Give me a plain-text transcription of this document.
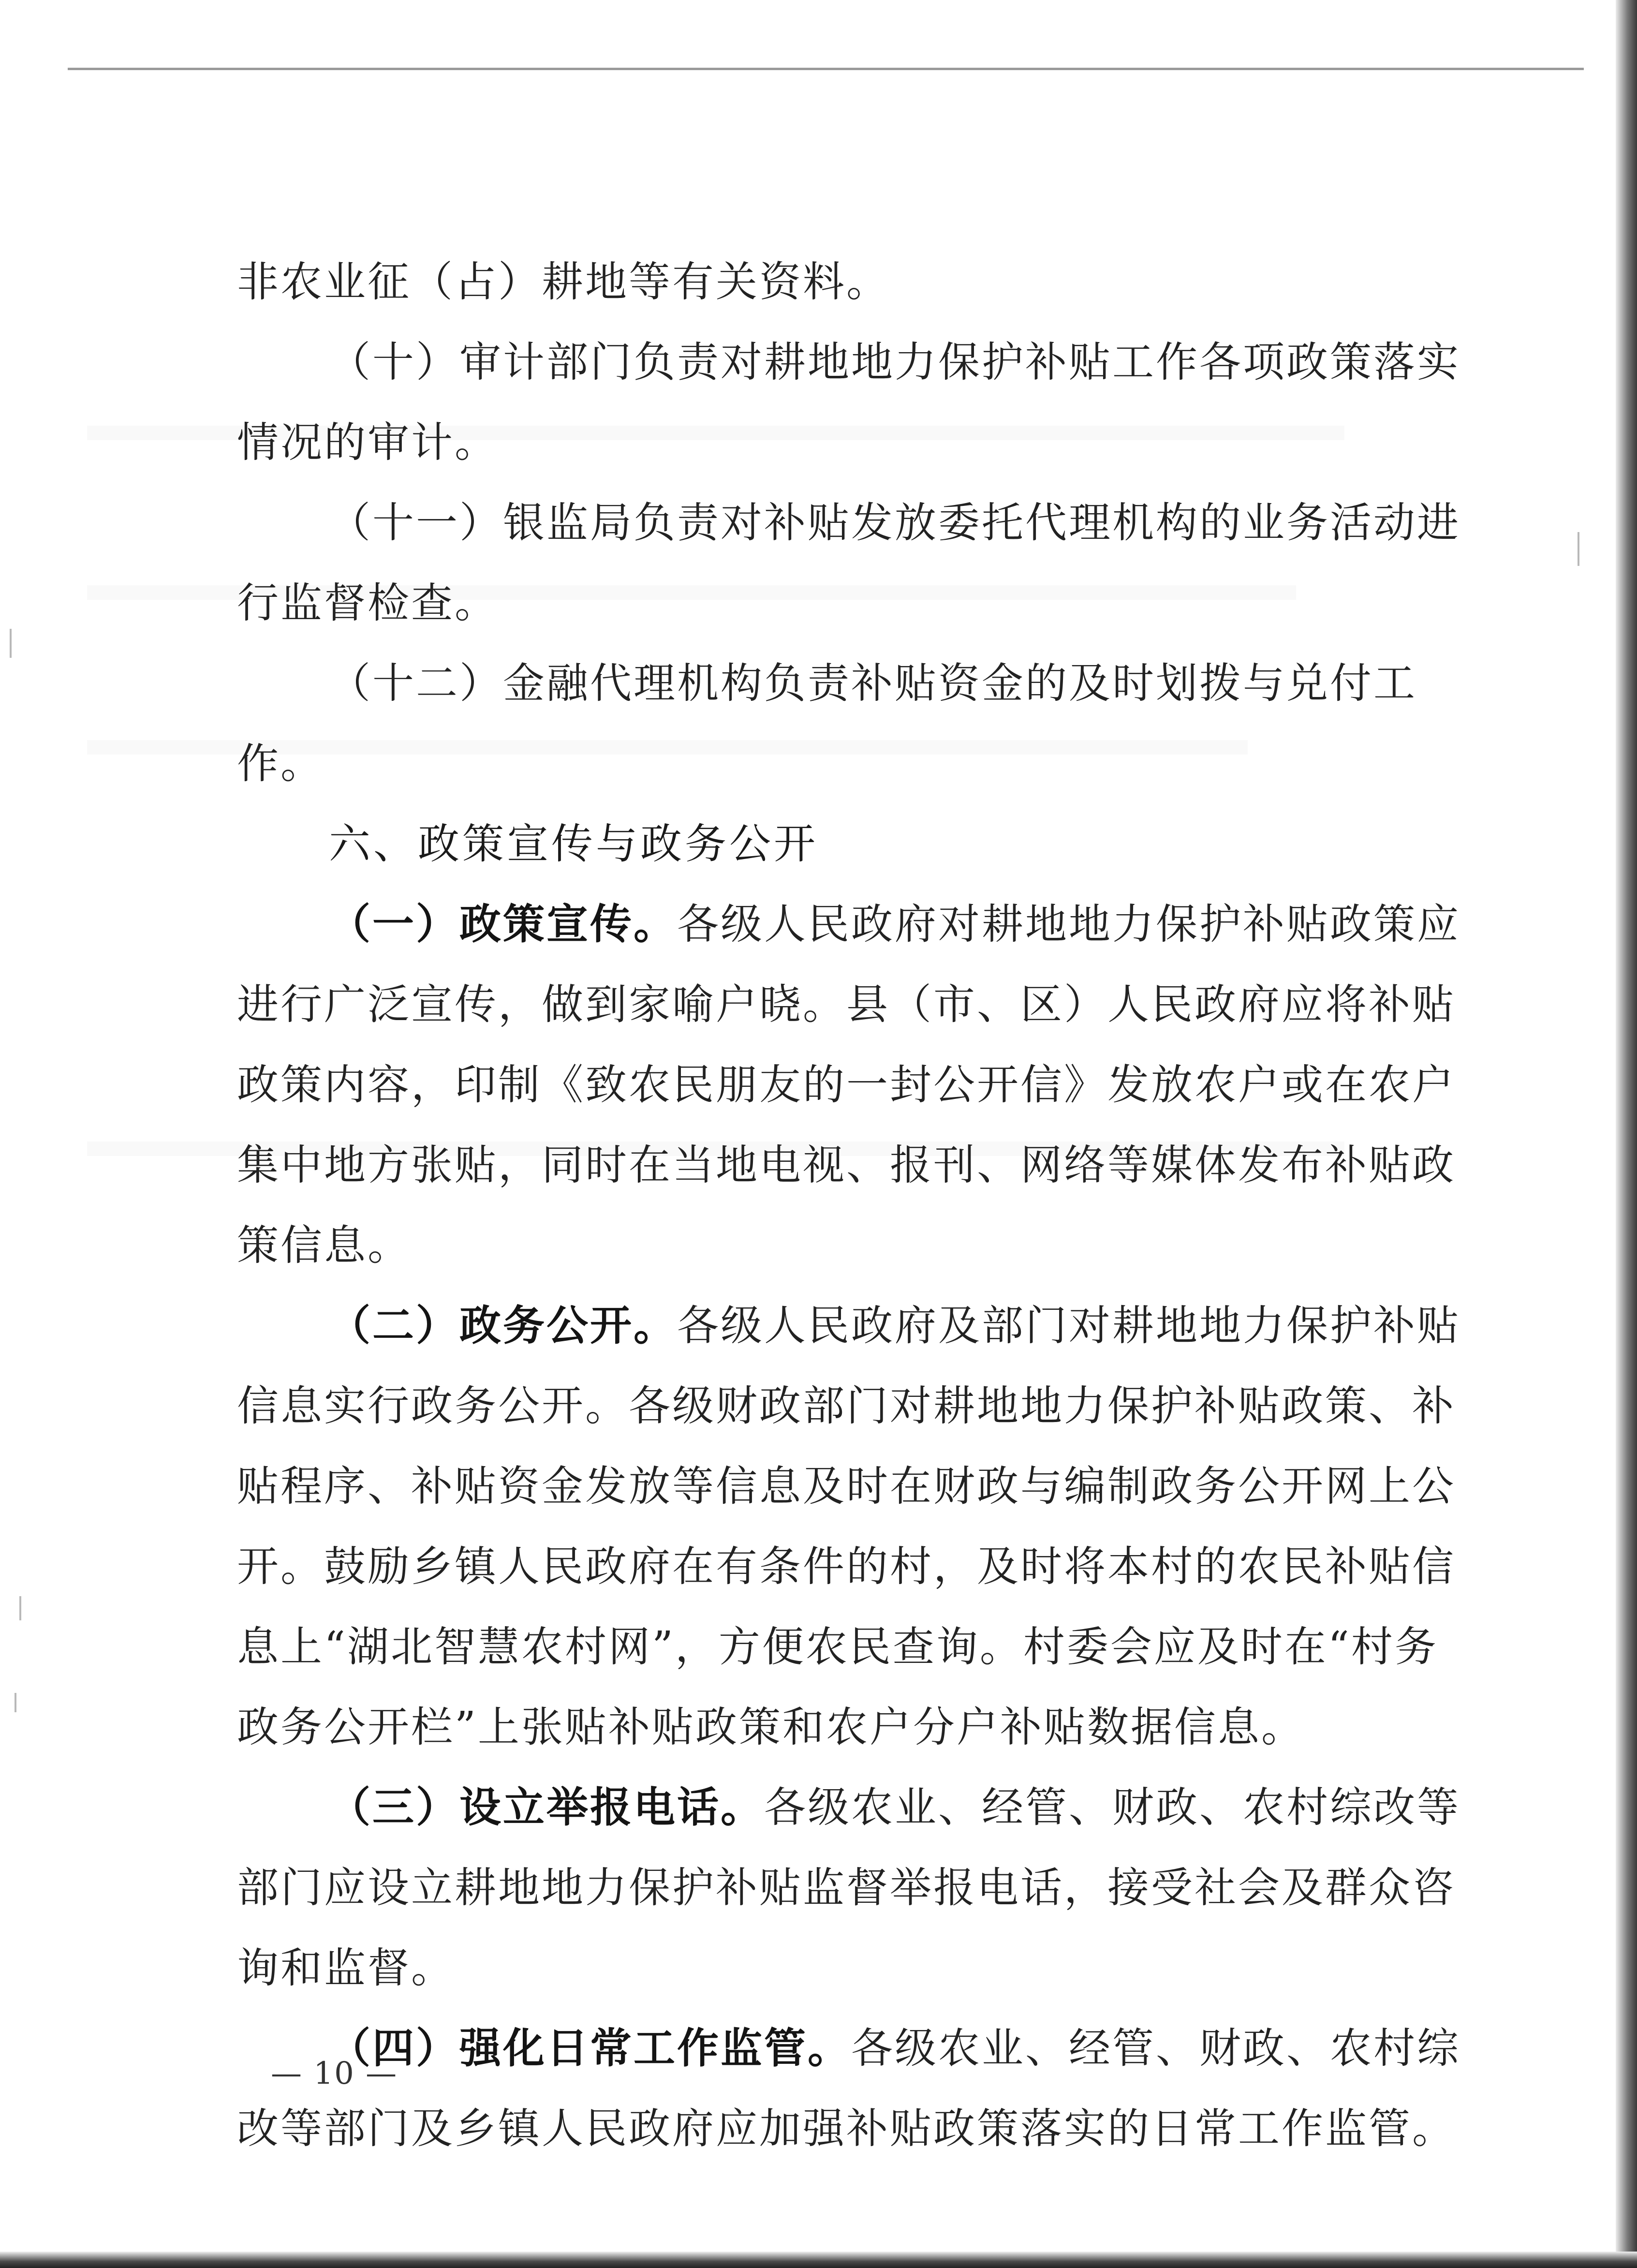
非农业征（占）耕地等有关资料。
（十）审计部门负责对耕地地力保护补贴工作各项政策落实
情况的审计。
（十一）银监局负责对补贴发放委托代理机构的业务活动进
行监督检查。
（十二）金融代理机构负责补贴资金的及时划拨与兑付工
作。
六、政策宣传与政务公开
（一）政策宣传。各级人民政府对耕地地力保护补贴政策应
进行广泛宣传，做到家喻户晓。县（市、区）人民政府应将补贴
政策内容，印制《致农民朋友的一封公开信》发放农户或在农户
集中地方张贴，同时在当地电视、报刊、网络等媒体发布补贴政
策信息。
（二）政务公开。各级人民政府及部门对耕地地力保护补贴
信息实行政务公开。各级财政部门对耕地地力保护补贴政策、补
贴程序、补贴资金发放等信息及时在财政与编制政务公开网上公
开。鼓励乡镇人民政府在有条件的村，及时将本村的农民补贴信
息上“湖北智慧农村网”，方便农民查询。村委会应及时在“村务
政务公开栏”上张贴补贴政策和农户分户补贴数据信息。
（三）设立举报电话。各级农业、经管、财政、农村综改等
部门应设立耕地地力保护补贴监督举报电话，接受社会及群众咨
询和监督。
（四）强化日常工作监管。各级农业、经管、财政、农村综
改等部门及乡镇人民政府应加强补贴政策落实的日常工作监管。
— 10 —
